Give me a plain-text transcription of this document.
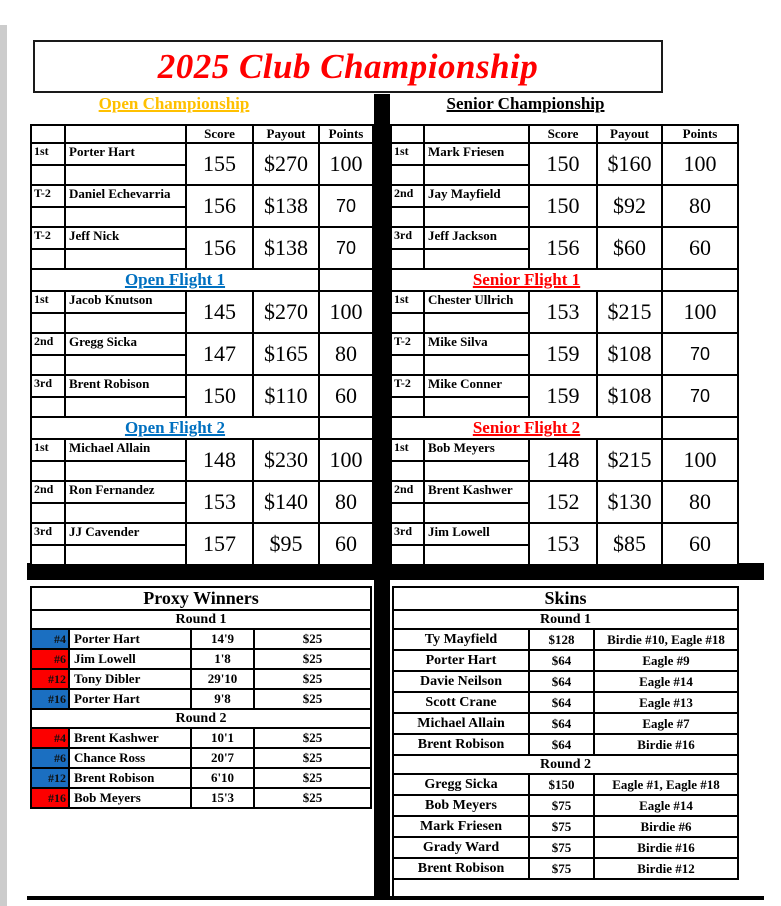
2025 Club Championship
Open Championship	Senior Championship
		Score	Payout	Points
1st	Porter Hart	155	$270	100

T-2	Daniel Echevarria	156	$138	70

T-2	Jeff Nick	156	$138	70

Open Flight 1				
1st	Jacob Knutson	145	$270	100

2nd	Gregg Sicka	147	$165	80

3rd	Brent Robison	150	$110	60

Open Flight 2				
1st	Michael Allain	148	$230	100

2nd	Ron Fernandez	153	$140	80

3rd	JJ Cavender	157	$95	60

		Score	Payout	Points
1st	Mark Friesen	150	$160	100

2nd	Jay Mayfield	150	$92	80

3rd	Jeff Jackson	156	$60	60

Senior Flight 1				
1st	Chester Ullrich	153	$215	100

T-2	Mike Silva	159	$108	70

T-2	Mike Conner	159	$108	70

Senior Flight 2				
1st	Bob Meyers	148	$215	100

2nd	Brent Kashwer	152	$130	80

3rd	Jim Lowell	153	$85	60

Proxy Winners			
Round 1			
#4	Porter Hart	14'9	$25
#6	Jim Lowell	1'8	$25
#12	Tony Dibler	29'10	$25
#16	Porter Hart	9'8	$25
Round 2			
#4	Brent Kashwer	10'1	$25
#6	Chance Ross	20'7	$25
#12	Brent Robison	6'10	$25
#16	Bob Meyers	15'3	$25
Skins		
Round 1		
Ty Mayfield	$128	Birdie #10, Eagle #18
Porter Hart	$64	Eagle #9
Davie Neilson	$64	Eagle #14
Scott Crane	$64	Eagle #13
Michael Allain	$64	Eagle #7
Brent Robison	$64	Birdie #16
Round 2		
Gregg Sicka	$150	Eagle #1, Eagle #18
Bob Meyers	$75	Eagle #14
Mark Friesen	$75	Birdie #6
Grady Ward	$75	Birdie #16
Brent Robison	$75	Birdie #12
